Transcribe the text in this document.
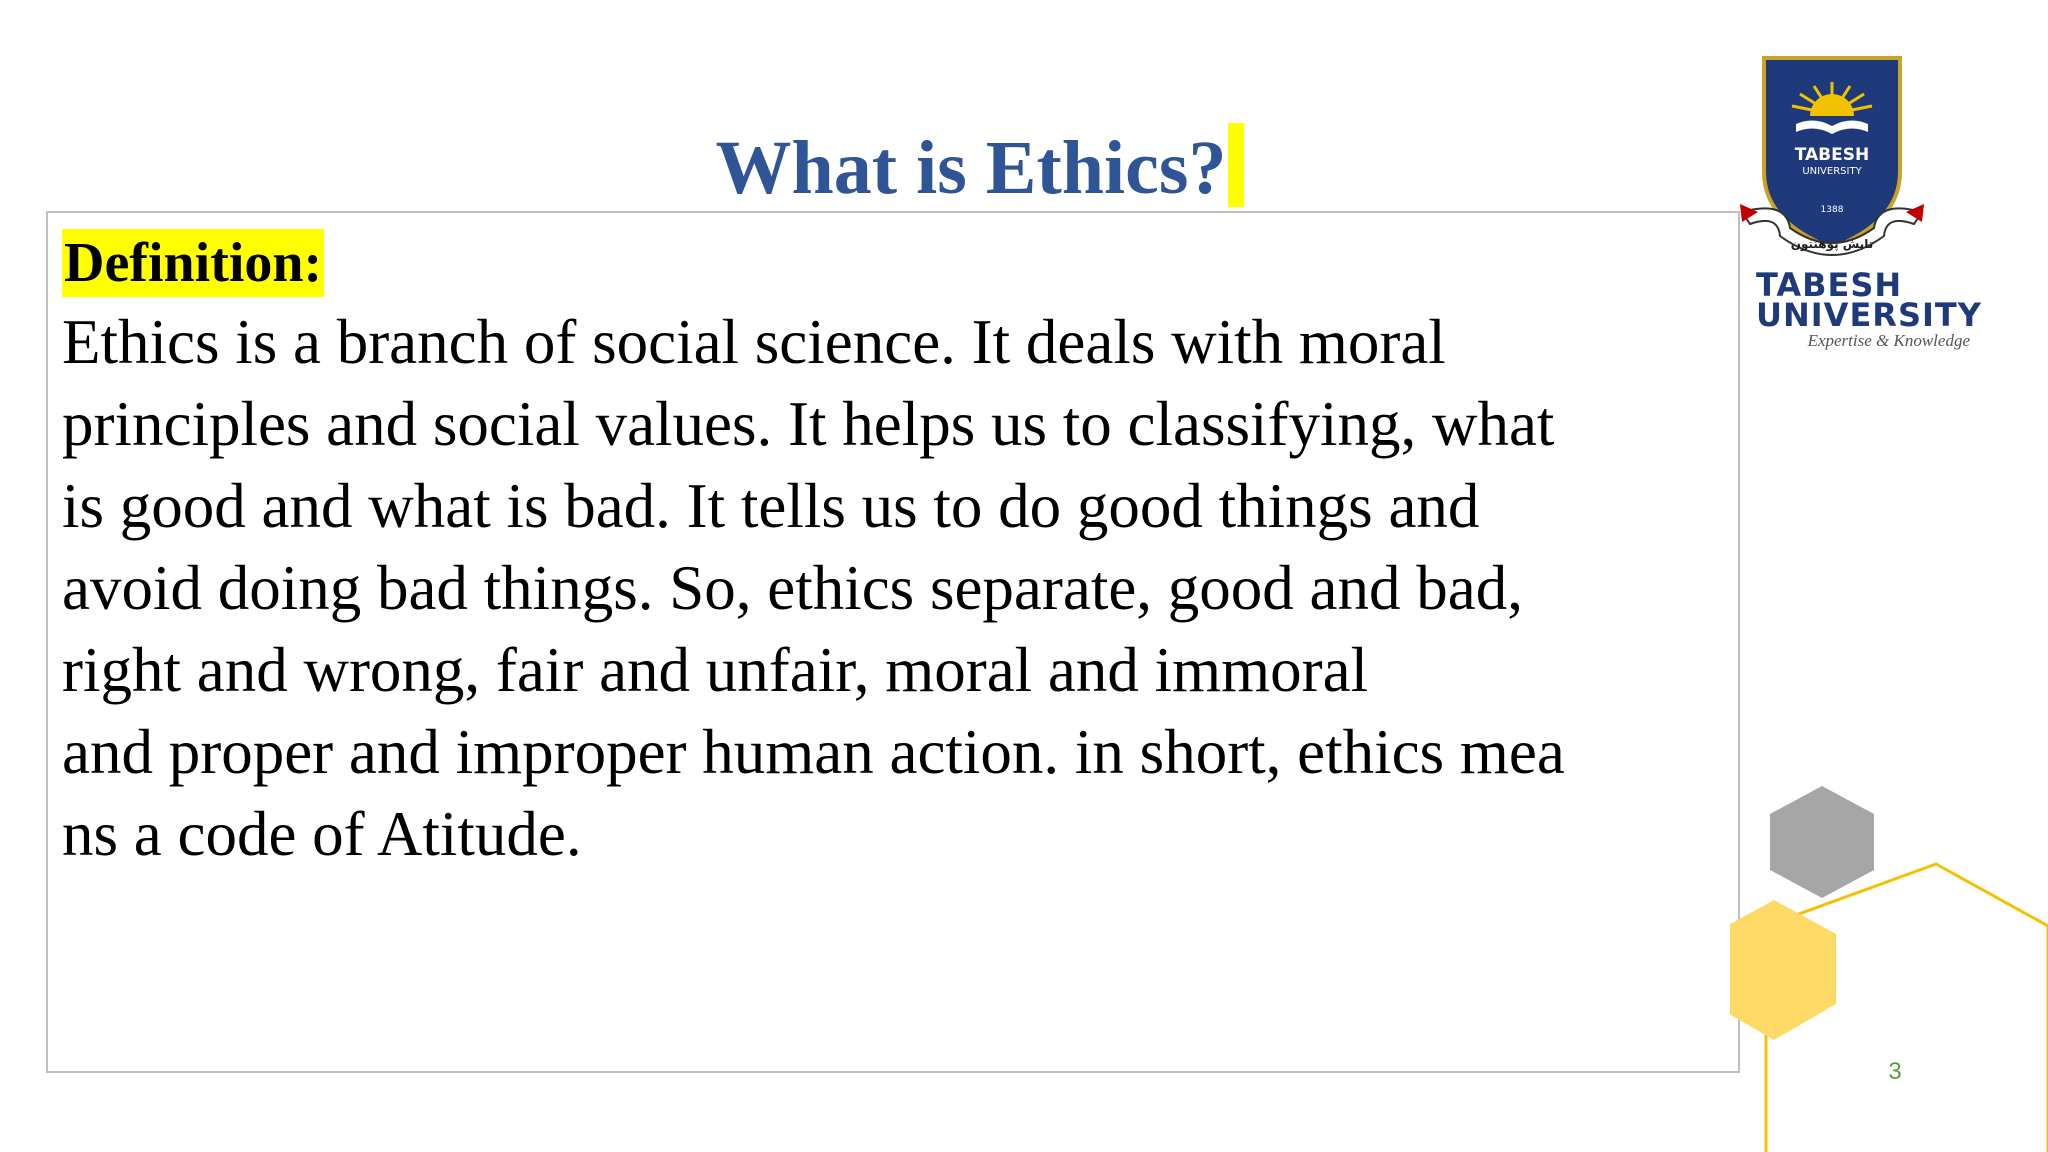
What is Ethics?
Definition:

Ethics is a branch of social science. It deals with moral
principles and social values. It helps us to classifying, what
is good and what is bad. It tells us to do good things and
avoid doing bad things. So, ethics separate, good and bad,
right and wrong, fair and unfair, moral and immoral
and proper and improper human action. in short, ethics mea
ns a code of Atitude.

TABESH
UNIVERSITY
1388
تابش پوهنتون
TABESH
UNIVERSITY
Expertise & Knowledge
3
